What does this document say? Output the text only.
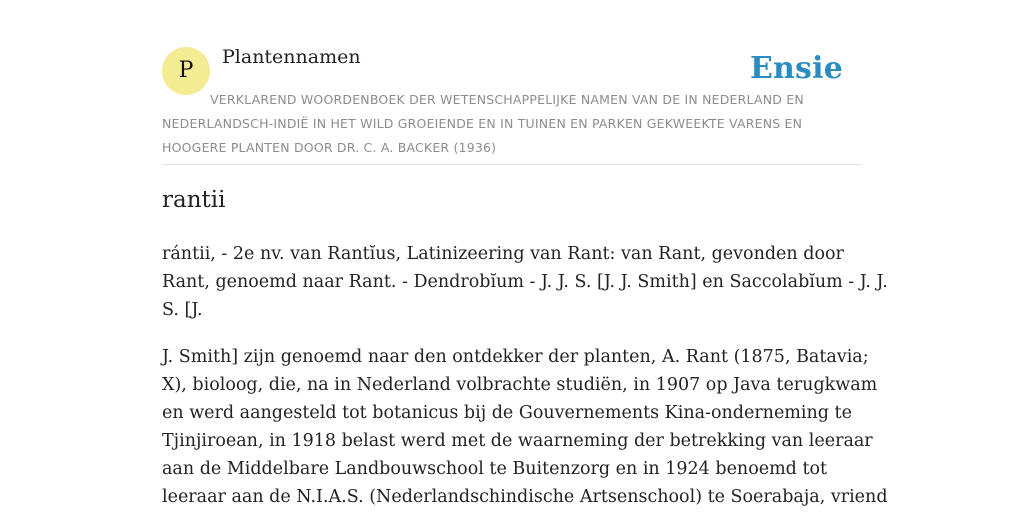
P
Plantennamen	Ensie
VERKLAREND WOORDENBOEK DER WETENSCHAPPELIJKE NAMEN VAN DE IN NEDERLAND EN
NEDERLANDSCH-INDIË IN HET WILD GROEIENDE EN IN TUINEN EN PARKEN GEKWEEKTE VARENS EN
HOOGERE PLANTEN DOOR DR. C. A. BACKER (1936)
rantii

rántii, - 2e nv. van Rantĭus, Latinizeering van Rant: van Rant, gevonden door
Rant, genoemd naar Rant. - Dendrobĭum - J. J. S. [J. J. Smith] en Saccolabĭum - J. J.
S. [J.

J. Smith] zijn genoemd naar den ontdekker der planten, A. Rant (1875, Batavia;
X), bioloog, die, na in Nederland volbrachte studiën, in 1907 op Java terugkwam
en werd aangesteld tot botanicus bij de Gouvernements Kina-onderneming te
Tjinjiroean, in 1918 belast werd met de waarneming der betrekking van leeraar
aan de Middelbare Landbouwschool te Buitenzorg en in 1924 benoemd tot
leeraar aan de N.I.A.S. (Nederlandschindische Artsenschool) te Soerabaja, vriend
